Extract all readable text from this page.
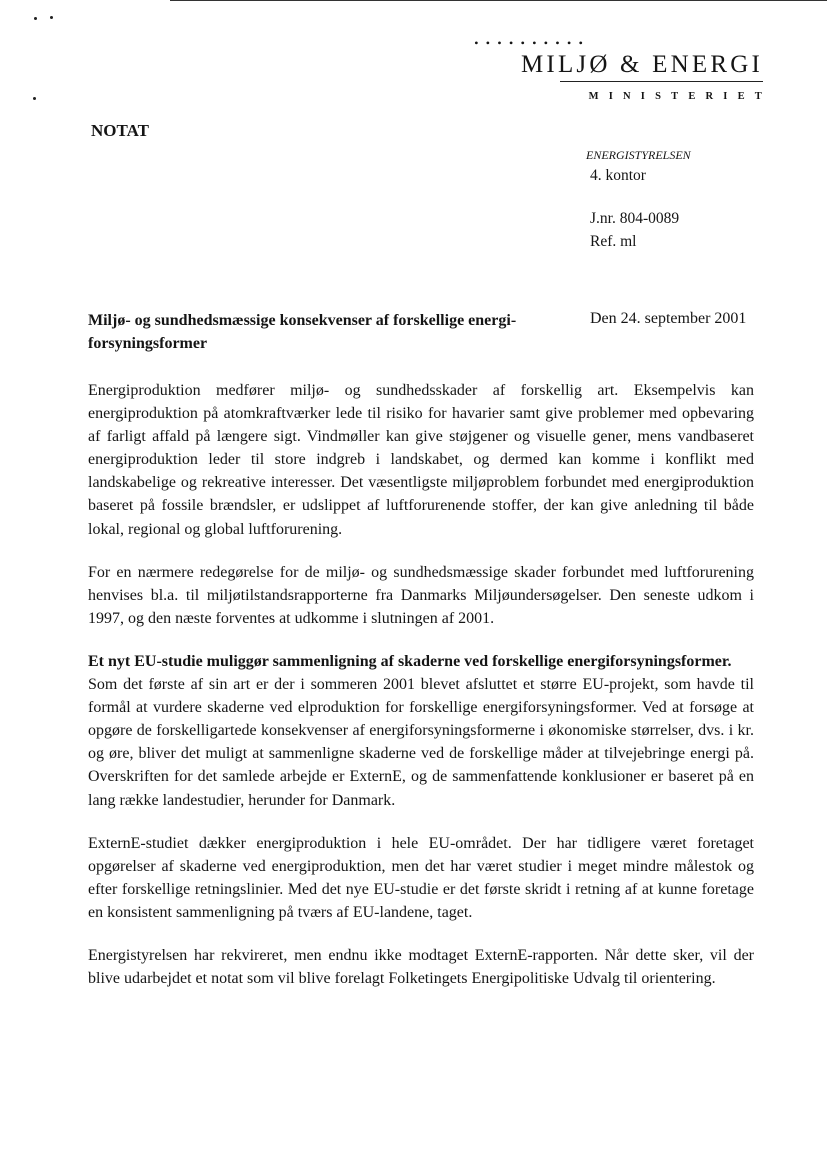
• • • • • • • • • •
MILJØ & ENERGI
MINISTERIET
NOTAT
ENERGISTYRELSEN
4. kontor
J.nr. 804-0089
Ref. ml
Miljø- og sundhedsmæssige konsekvenser af forskellige energi-forsyningsformer
Den 24. september 2001

Energiproduktion medfører miljø- og sundhedsskader af forskellig art. Eksempelvis kan energiproduktion på atomkraftværker lede til risiko for havarier samt give problemer med opbevaring af farligt affald på længere sigt. Vindmøller kan give støjgener og visuelle gener, mens vandbaseret energiproduktion leder til store indgreb i landskabet, og dermed kan komme i konflikt med landskabelige og rekreative interesser. Det væsentligste miljøproblem forbundet med energiproduktion baseret på fossile brændsler, er udslippet af luftforurenende stoffer, der kan give anledning til både lokal, regional og global luftforurening.

For en nærmere redegørelse for de miljø- og sundhedsmæssige skader forbundet med luftforurening henvises bl.a. til miljøtilstandsrapporterne fra Danmarks Miljøundersøgelser. Den seneste udkom i 1997, og den næste forventes at udkomme i slutningen af 2001.

Et nyt EU-studie muliggør sammenligning af skaderne ved forskellige energiforsyningsformer.

Som det første af sin art er der i sommeren 2001 blevet afsluttet et større EU-projekt, som havde til formål at vurdere skaderne ved elproduktion for forskellige energiforsyningsformer. Ved at forsøge at opgøre de forskelligartede konsekvenser af energiforsyningsformerne i økonomiske størrelser, dvs. i kr. og øre, bliver det muligt at sammenligne skaderne ved de forskellige måder at tilvejebringe energi på. Overskriften for det samlede arbejde er ExternE, og de sammenfattende konklusioner er baseret på en lang række landestudier, herunder for Danmark.

ExternE-studiet dækker energiproduktion i hele EU-området. Der har tidligere været foretaget opgørelser af skaderne ved energiproduktion, men det har været studier i meget mindre målestok og efter forskellige retningslinier. Med det nye EU-studie er det første skridt i retning af at kunne foretage en konsistent sammenligning på tværs af EU-landene, taget.

Energistyrelsen har rekvireret, men endnu ikke modtaget ExternE-rapporten. Når dette sker, vil der blive udarbejdet et notat som vil blive forelagt Folketingets Energipolitiske Udvalg til orientering.
